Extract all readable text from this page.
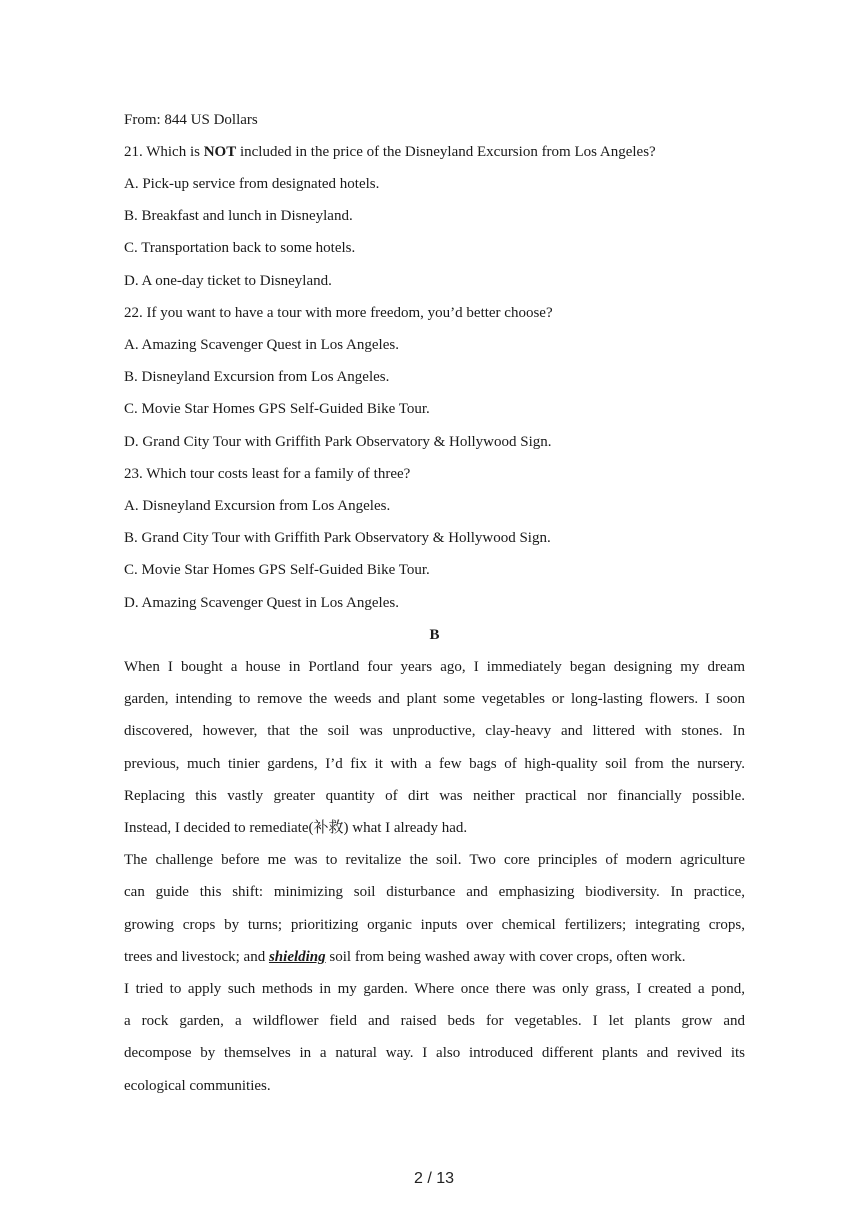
From: 844 US Dollars
21. Which is NOT included in the price of the Disneyland Excursion from Los Angeles?
A. Pick-up service from designated hotels.
B. Breakfast and lunch in Disneyland.
C. Transportation back to some hotels.
D. A one-day ticket to Disneyland.
22. If you want to have a tour with more freedom, you’d better choose?
A. Amazing Scavenger Quest in Los Angeles.
B. Disneyland Excursion from Los Angeles.
C. Movie Star Homes GPS Self-Guided Bike Tour.
D. Grand City Tour with Griffith Park Observatory & Hollywood Sign.
23. Which tour costs least for a family of three?
A. Disneyland Excursion from Los Angeles.
B. Grand City Tour with Griffith Park Observatory & Hollywood Sign.
C. Movie Star Homes GPS Self-Guided Bike Tour.
D. Amazing Scavenger Quest in Los Angeles.
B
When I bought a house in Portland four years ago, I immediately began designing my dream
garden, intending to remove the weeds and plant some vegetables or long-lasting flowers. I soon
discovered, however, that the soil was unproductive, clay-heavy and littered with stones. In
previous, much tinier gardens, I’d fix it with a few bags of high-quality soil from the nursery.
Replacing this vastly greater quantity of dirt was neither practical nor financially possible.
Instead, I decided to remediate(补救) what I already had.
The challenge before me was to revitalize the soil. Two core principles of modern agriculture
can guide this shift: minimizing soil disturbance and emphasizing biodiversity. In practice,
growing crops by turns; prioritizing organic inputs over chemical fertilizers; integrating crops,
trees and livestock; and shielding soil from being washed away with cover crops, often work.
I tried to apply such methods in my garden. Where once there was only grass, I created a pond,
a rock garden, a wildflower field and raised beds for vegetables. I let plants grow and
decompose by themselves in a natural way. I also introduced different plants and revived its
ecological communities.
2 / 13
